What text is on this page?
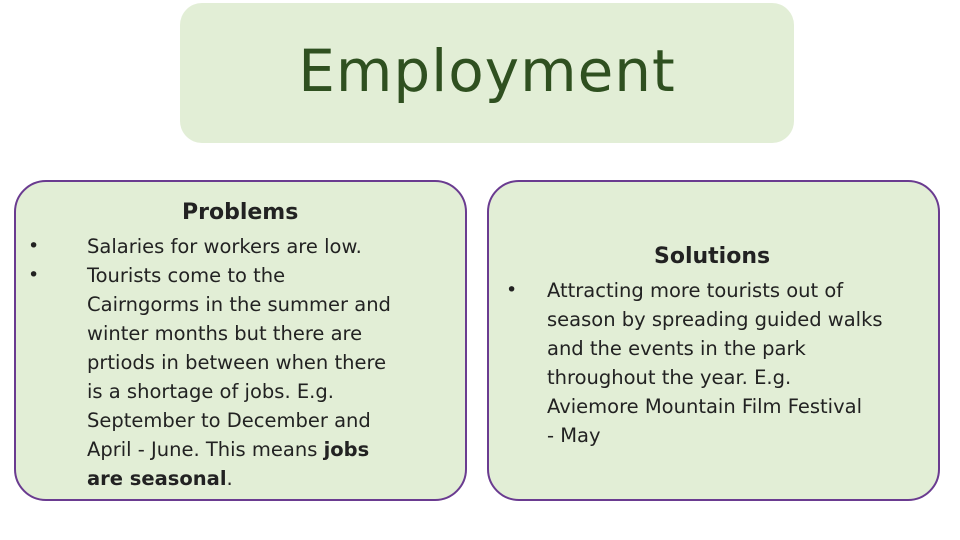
Employment
Problems
•
•
Salaries for workers are low.
Tourists come to the
Cairngorms in the summer and
winter months but there are
prtiods in between when there
is a shortage of jobs. E.g.
September to December and
April - June. This means jobs
are seasonal.
Solutions
• Attracting more tourists out of
season by spreading guided walks
and the events in the park
throughout the year. E.g.
Aviemore Mountain Film Festival
- May
